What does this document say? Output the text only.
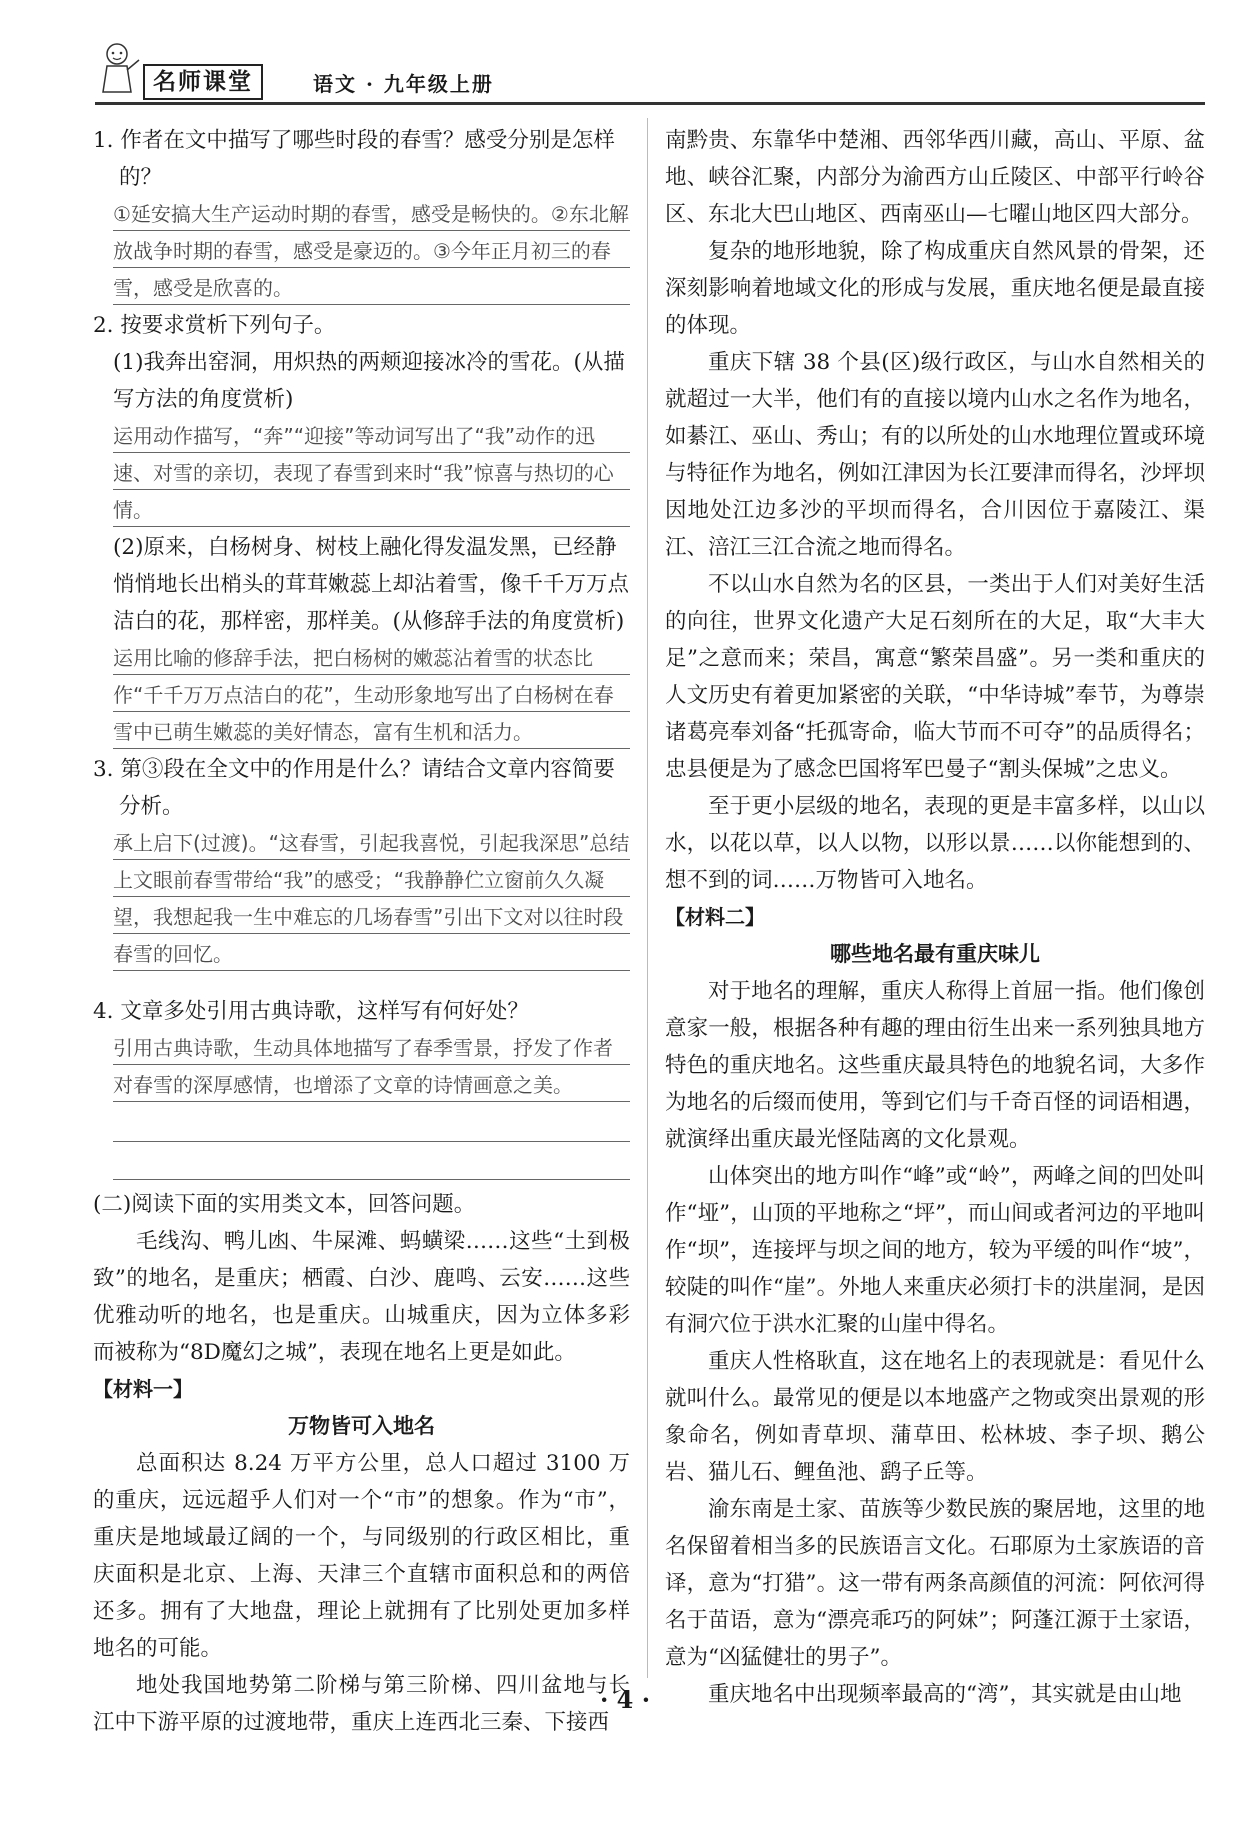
名师课堂	语文 · 九年级上册

1. 作者在文中描写了哪些时段的春雪？感受分别是怎样的？

①延安搞大生产运动时期的春雪，感受是畅快的。②东北解放战争时期的春雪，感受是豪迈的。③今年正月初三的春雪，感受是欣喜的。

2. 按要求赏析下列句子。

(1)我奔出窑洞，用炽热的两颊迎接冰冷的雪花。(从描写方法的角度赏析)

运用动作描写，“奔”“迎接”等动词写出了“我”动作的迅速、对雪的亲切，表现了春雪到来时“我”惊喜与热切的心情。

(2)原来，白杨树身、树枝上融化得发温发黑，已经静悄悄地长出梢头的茸茸嫩蕊上却沾着雪，像千千万万点洁白的花，那样密，那样美。(从修辞手法的角度赏析)

运用比喻的修辞手法，把白杨树的嫩蕊沾着雪的状态比作“千千万万点洁白的花”，生动形象地写出了白杨树在春雪中已萌生嫩蕊的美好情态，富有生机和活力。

3. 第③段在全文中的作用是什么？请结合文章内容简要分析。

承上启下(过渡)。“这春雪，引起我喜悦，引起我深思”总结上文眼前春雪带给“我”的感受；“我静静伫立窗前久久凝望，我想起我一生中难忘的几场春雪”引出下文对以往时段春雪的回忆。

4. 文章多处引用古典诗歌，这样写有何好处？

引用古典诗歌，生动具体地描写了春季雪景，抒发了作者对春雪的深厚感情，也增添了文章的诗情画意之美。

(二)阅读下面的实用类文本，回答问题。

毛线沟、鸭儿凼、牛屎滩、蚂蟥梁……这些“土到极致”的地名，是重庆；栖霞、白沙、鹿鸣、云安……这些优雅动听的地名，也是重庆。山城重庆，因为立体多彩而被称为“8D魔幻之城”，表现在地名上更是如此。

【材料一】

万物皆可入地名

总面积达 8.24 万平方公里，总人口超过 3100 万的重庆，远远超乎人们对一个“市”的想象。作为“市”，重庆是地域最辽阔的一个，与同级别的行政区相比，重庆面积是北京、上海、天津三个直辖市面积总和的两倍还多。拥有了大地盘，理论上就拥有了比别处更加多样地名的可能。

地处我国地势第二阶梯与第三阶梯、四川盆地与长江中下游平原的过渡地带，重庆上连西北三秦、下接西

南黔贵、东靠华中楚湘、西邻华西川藏，高山、平原、盆地、峡谷汇聚，内部分为渝西方山丘陵区、中部平行岭谷区、东北大巴山地区、西南巫山—七曜山地区四大部分。

复杂的地形地貌，除了构成重庆自然风景的骨架，还深刻影响着地域文化的形成与发展，重庆地名便是最直接的体现。

重庆下辖 38 个县(区)级行政区，与山水自然相关的就超过一大半，他们有的直接以境内山水之名作为地名，如綦江、巫山、秀山；有的以所处的山水地理位置或环境与特征作为地名，例如江津因为长江要津而得名，沙坪坝因地处江边多沙的平坝而得名，合川因位于嘉陵江、渠江、涪江三江合流之地而得名。

不以山水自然为名的区县，一类出于人们对美好生活的向往，世界文化遗产大足石刻所在的大足，取“大丰大足”之意而来；荣昌，寓意“繁荣昌盛”。另一类和重庆的人文历史有着更加紧密的关联，“中华诗城”奉节，为尊崇诸葛亮奉刘备“托孤寄命，临大节而不可夺”的品质得名；忠县便是为了感念巴国将军巴曼子“割头保城”之忠义。

至于更小层级的地名，表现的更是丰富多样，以山以水，以花以草，以人以物，以形以景……以你能想到的、想不到的词……万物皆可入地名。

【材料二】

哪些地名最有重庆味儿

对于地名的理解，重庆人称得上首屈一指。他们像创意家一般，根据各种有趣的理由衍生出来一系列独具地方特色的重庆地名。这些重庆最具特色的地貌名词，大多作为地名的后缀而使用，等到它们与千奇百怪的词语相遇，就演绎出重庆最光怪陆离的文化景观。

山体突出的地方叫作“峰”或“岭”，两峰之间的凹处叫作“垭”，山顶的平地称之“坪”，而山间或者河边的平地叫作“坝”，连接坪与坝之间的地方，较为平缓的叫作“坡”，较陡的叫作“崖”。外地人来重庆必须打卡的洪崖洞，是因有洞穴位于洪水汇聚的山崖中得名。

重庆人性格耿直，这在地名上的表现就是：看见什么就叫什么。最常见的便是以本地盛产之物或突出景观的形象命名，例如青草坝、蒲草田、松林坡、李子坝、鹅公岩、猫儿石、鲤鱼池、鹞子丘等。

渝东南是土家、苗族等少数民族的聚居地，这里的地名保留着相当多的民族语言文化。石耶原为土家族语的音译，意为“打猎”。这一带有两条高颜值的河流：阿依河得名于苗语，意为“漂亮乖巧的阿妹”；阿蓬江源于土家语，意为“凶猛健壮的男子”。

重庆地名中出现频率最高的“湾”，其实就是由山地

· 4 ·
